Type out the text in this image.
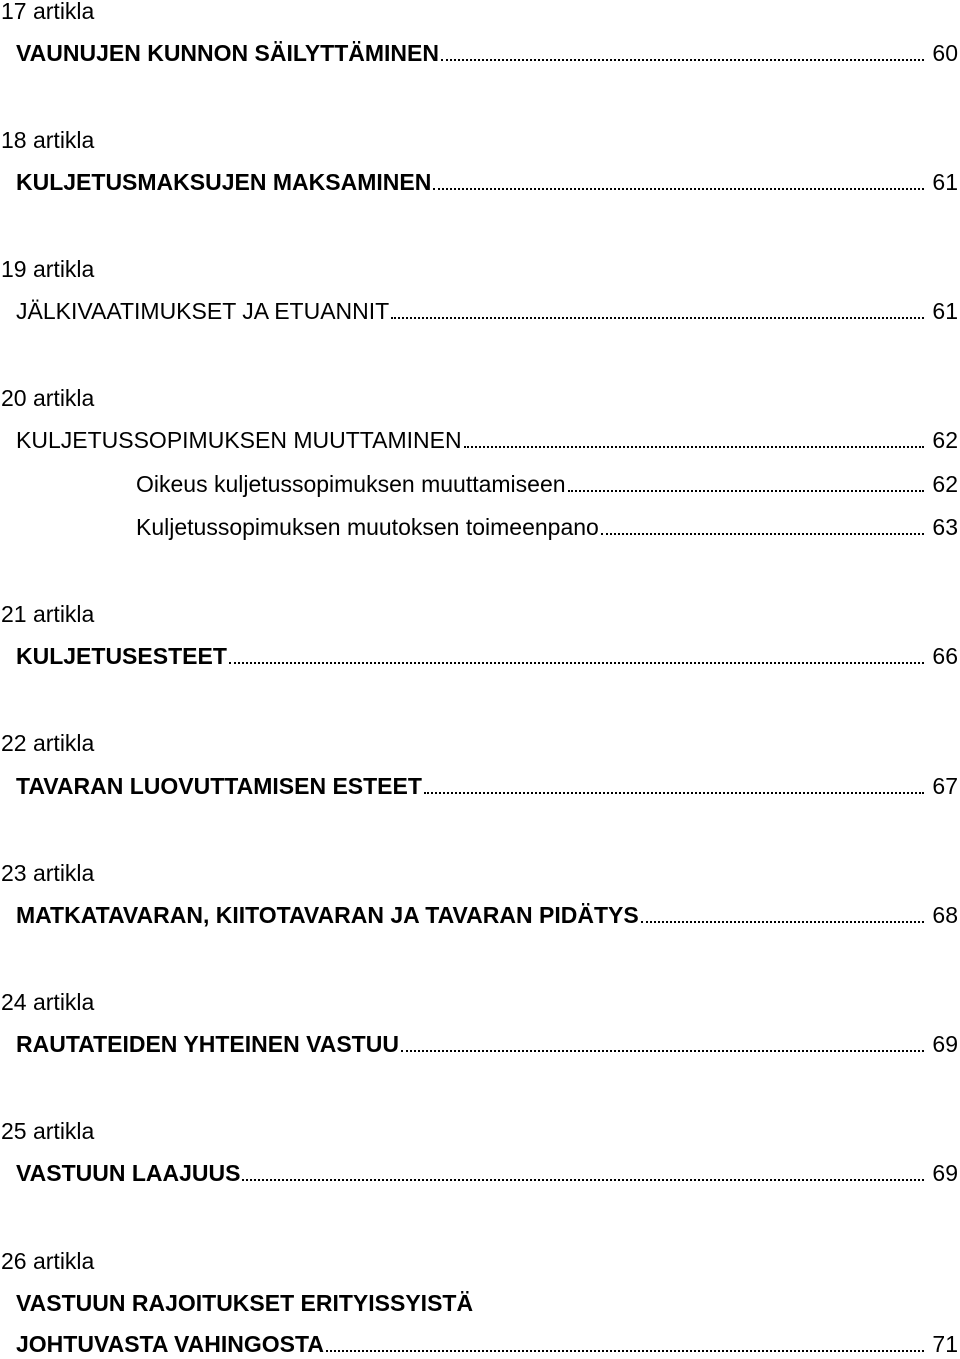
17 artikla
VAUNUJEN KUNNON SÄILYTTÄMINEN	60
18 artikla
KULJETUSMAKSUJEN MAKSAMINEN	61
19 artikla
JÄLKIVAATIMUKSET JA ETUANNIT	61
20 artikla
KULJETUSSOPIMUKSEN MUUTTAMINEN	62
Oikeus kuljetussopimuksen muuttamiseen	62
Kuljetussopimuksen muutoksen toimeenpano	63
21 artikla
KULJETUSESTEET	66
22 artikla
TAVARAN LUOVUTTAMISEN ESTEET	67
23 artikla
MATKATAVARAN, KIITOTAVARAN JA TAVARAN PIDÄTYS	68
24 artikla
RAUTATEIDEN YHTEINEN VASTUU	69
25 artikla
VASTUUN LAAJUUS	69
26 artikla
VASTUUN RAJOITUKSET ERITYISSYISTÄ
JOHTUVASTA VAHINGOSTA	71
